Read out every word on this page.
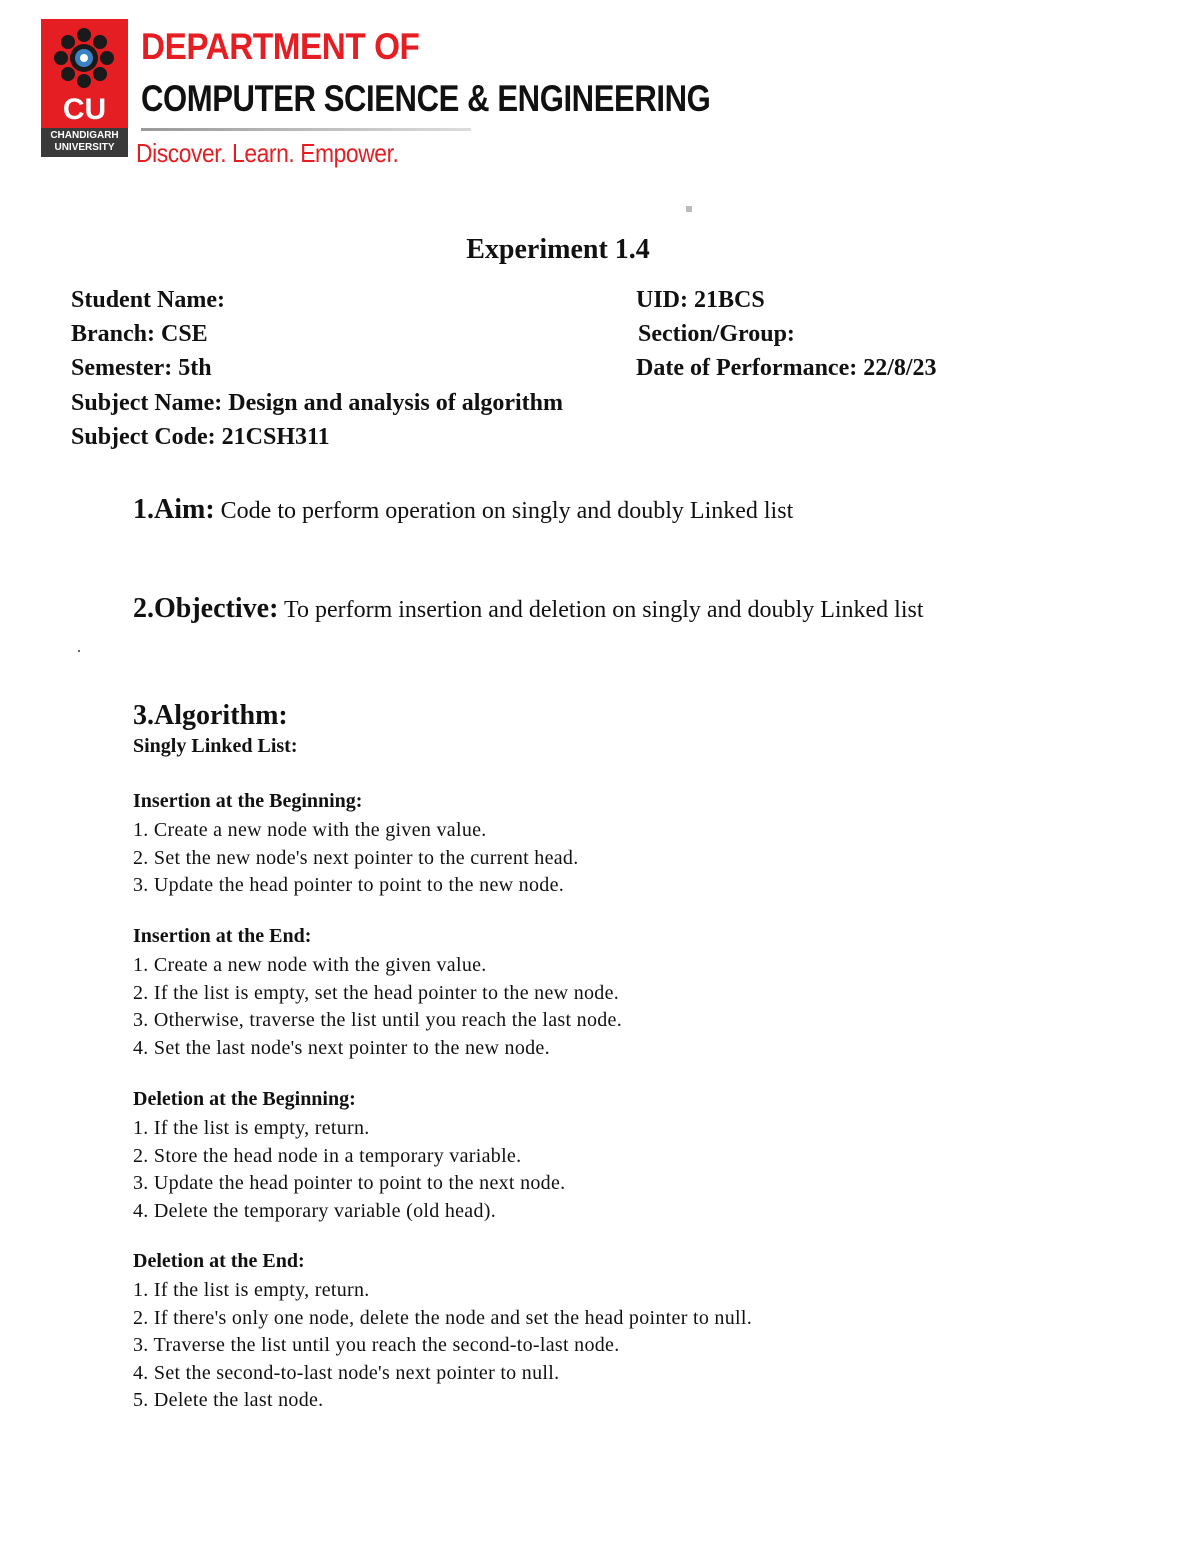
CU
CHANDIGARH UNIVERSITY
DEPARTMENT OF
COMPUTER SCIENCE & ENGINEERING
Discover. Learn. Empower.
Experiment 1.4
Student Name:	UID: 21BCS
Branch: CSE	Section/Group:
Semester: 5th	Date of Performance: 22/8/23
Subject Name: Design and analysis of algorithm
Subject Code: 21CSH311
1.Aim: Code to perform operation on singly and doubly Linked list
2.Objective: To perform insertion and deletion on singly and doubly Linked list
3.Algorithm:
Singly Linked List:
Insertion at the Beginning:
1. Create a new node with the given value.
2. Set the new node's next pointer to the current head.
3. Update the head pointer to point to the new node.
Insertion at the End:
1. Create a new node with the given value.
2. If the list is empty, set the head pointer to the new node.
3. Otherwise, traverse the list until you reach the last node.
4. Set the last node's next pointer to the new node.
Deletion at the Beginning:
1. If the list is empty, return.
2. Store the head node in a temporary variable.
3. Update the head pointer to point to the next node.
4. Delete the temporary variable (old head).
Deletion at the End:
1. If the list is empty, return.
2. If there's only one node, delete the node and set the head pointer to null.
3. Traverse the list until you reach the second-to-last node.
4. Set the second-to-last node's next pointer to null.
5. Delete the last node.
